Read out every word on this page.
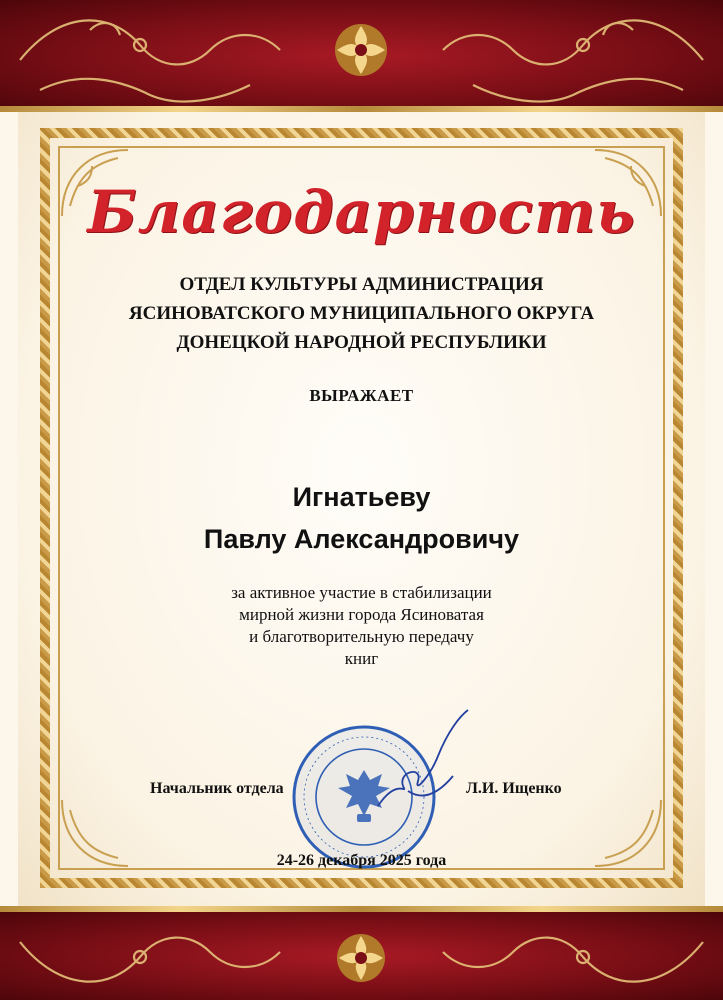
Благодарность
ОТДЕЛ КУЛЬТУРЫ АДМИНИСТРАЦИЯ
ЯСИНОВАТСКОГО МУНИЦИПАЛЬНОГО ОКРУГА
ДОНЕЦКОЙ НАРОДНОЙ РЕСПУБЛИКИ
ВЫРАЖАЕТ
Игнатьеву
Павлу Александровичу
за активное участие в стабилизации
мирной жизни города Ясиноватая
и благотворительную передачу
книг
Начальник отдела	Л.И. Ищенко
24-26 декабря 2025 года
